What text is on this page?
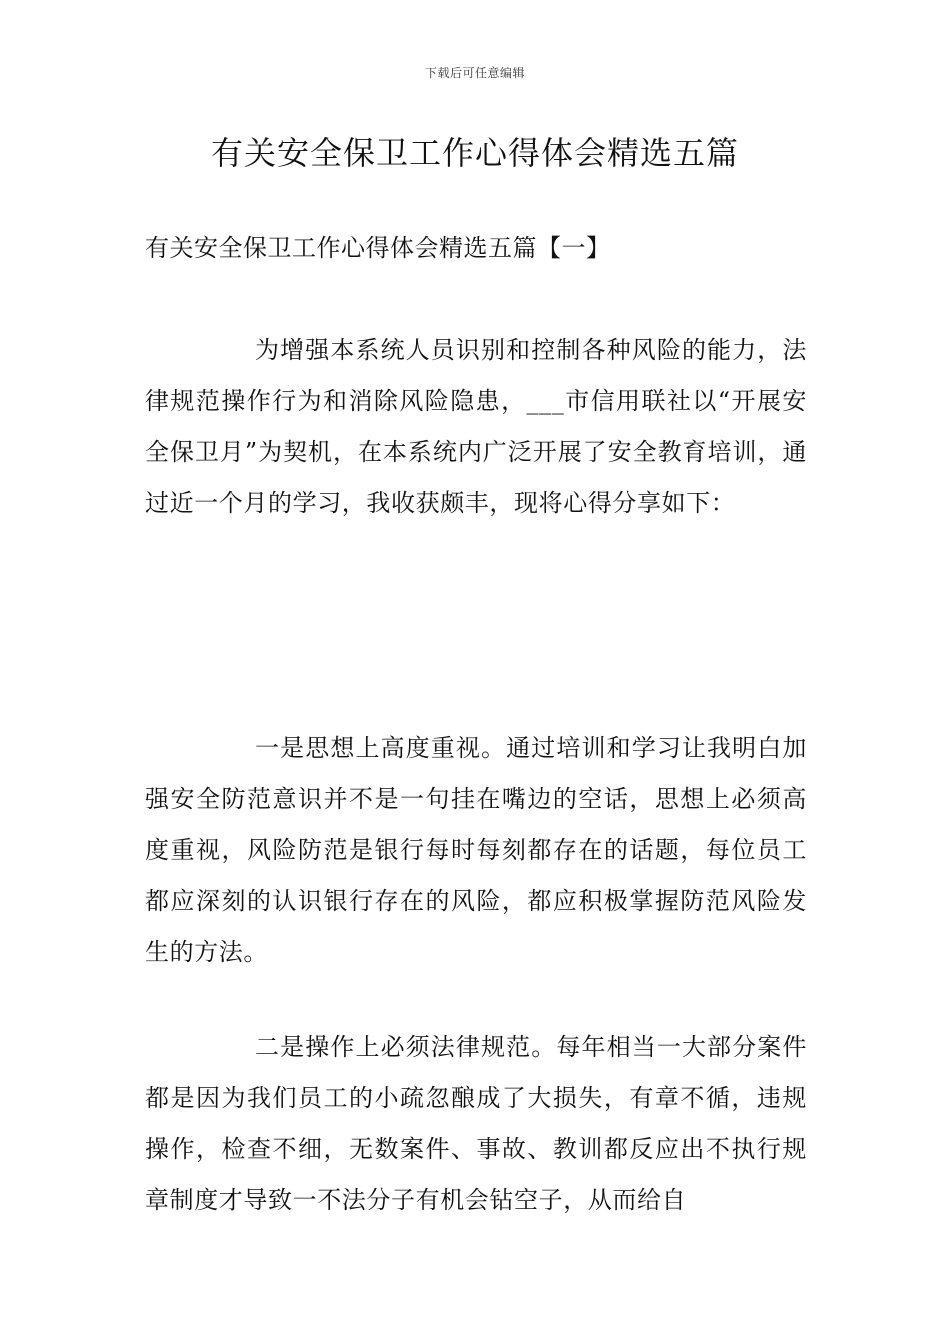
下载后可任意编辑
有关安全保卫工作心得体会精选五篇
有关安全保卫工作心得体会精选五篇【一】

为增强本系统人员识别和控制各种风险的能力，法律规范操作行为和消除风险隐患，___市信用联社以“开展安全保卫月”为契机，在本系统内广泛开展了安全教育培训，通过近一个月的学习，我收获颇丰，现将心得分享如下：

一是思想上高度重视。通过培训和学习让我明白加强安全防范意识并不是一句挂在嘴边的空话，思想上必须高度重视，风险防范是银行每时每刻都存在的话题，每位员工都应深刻的认识银行存在的风险，都应积极掌握防范风险发生的方法。

二是操作上必须法律规范。每年相当一大部分案件都是因为我们员工的小疏忽酿成了大损失，有章不循，违规操作，检查不细，无数案件、事故、教训都反应出不执行规章制度才导致一不法分子有机会钻空子，从而给自
